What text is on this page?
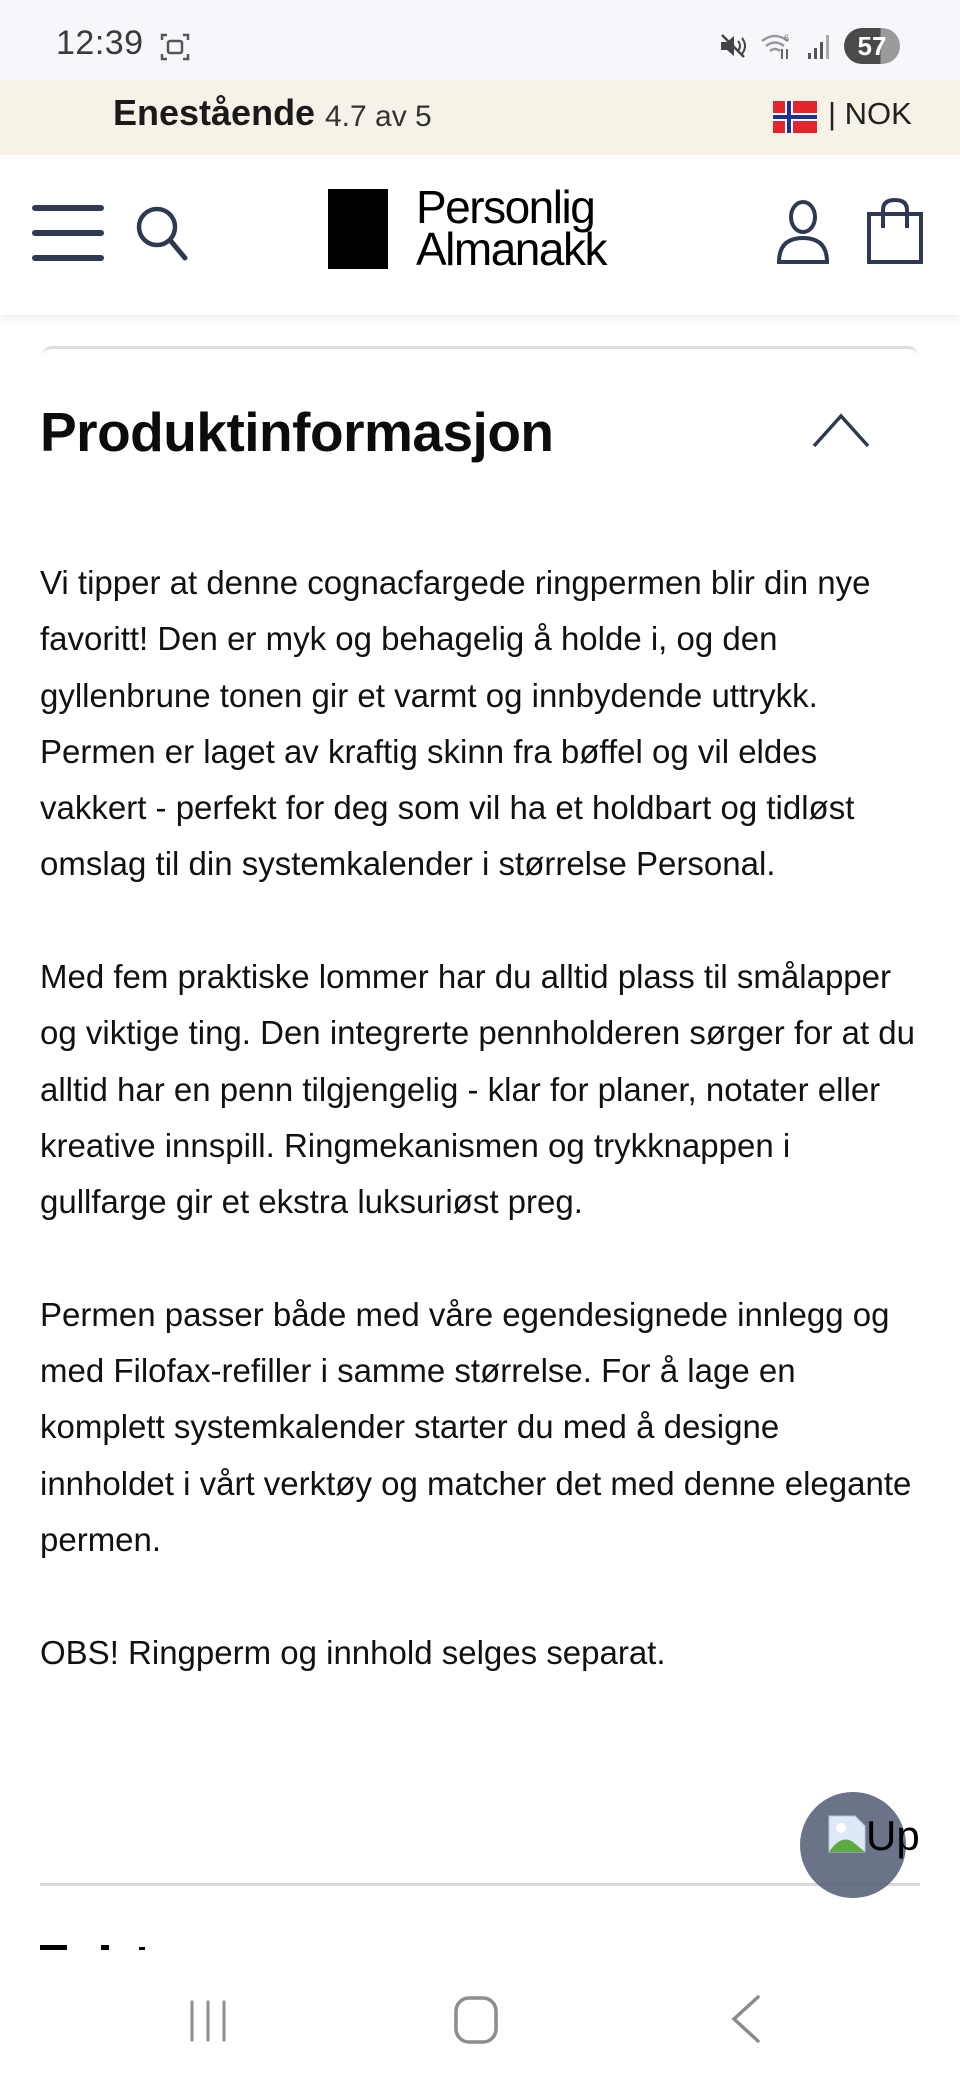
12:39	6	57
Enestående 4.7 av 5	| NOK
Personlig
Almanakk
Produktinformasjon

Vi tipper at denne cognacfargede ringpermen blir din nye favoritt! Den er myk og behagelig å holde i, og den gyllenbrune tonen gir et varmt og innbydende uttrykk. Permen er laget av kraftig skinn fra bøffel og vil eldes vakkert - perfekt for deg som vil ha et holdbart og tidløst omslag til din systemkalender i størrelse Personal.

Med fem praktiske lommer har du alltid plass til smålapper og viktige ting. Den integrerte pennholderen sørger for at du alltid har en penn tilgjengelig - klar for planer, notater eller kreative innspill. Ringmekanismen og trykknappen i gullfarge gir et ekstra luksuriøst preg.

Permen passer både med våre egendesignede innlegg og med Filofax-refiller i samme størrelse. For å lage en komplett systemkalender starter du med å designe innholdet i vårt verktøy og matcher det med denne elegante permen.

OBS! Ringperm og innhold selges separat.

Up
